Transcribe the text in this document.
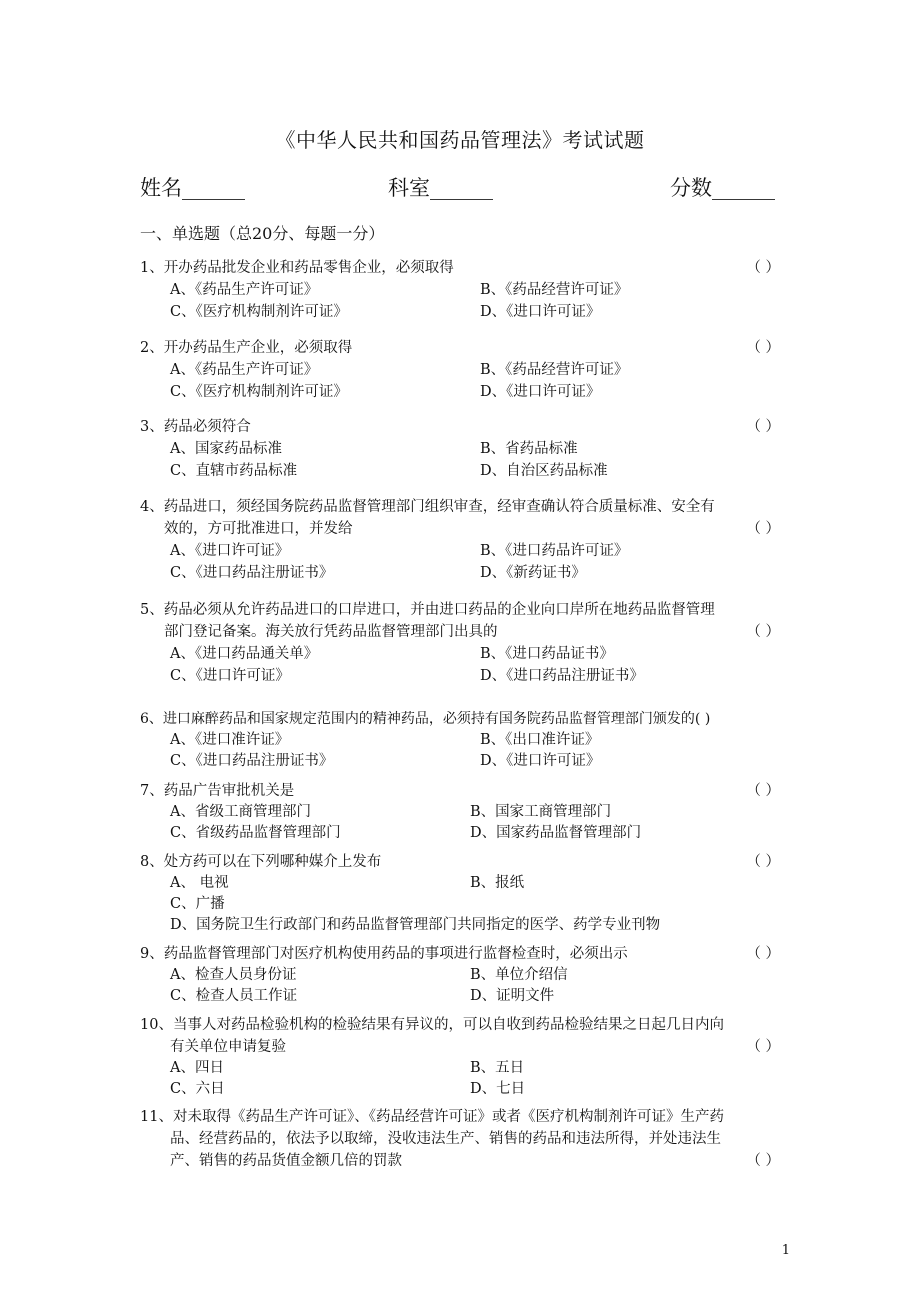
《中华人民共和国药品管理法》考试试题
姓名______	科室______	分数______
一、单选题（总20分、每题一分）
1、开办药品批发企业和药品零售企业，必须取得	（ ）
A、《药品生产许可证》	B、《药品经营许可证》
C、《医疗机构制剂许可证》	D、《进口许可证》
2、开办药品生产企业，必须取得	（ ）
A、《药品生产许可证》	B、《药品经营许可证》
C、《医疗机构制剂许可证》	D、《进口许可证》
3、药品必须符合	（ ）
A、国家药品标准	B、省药品标准
C、直辖市药品标准	D、自治区药品标准
4、药品进口，须经国务院药品监督管理部门组织审查，经审查确认符合质量标准、安全有
效的，方可批准进口，并发给	（ ）
A、《进口许可证》	B、《进口药品许可证》
C、《进口药品注册证书》	D、《新药证书》
5、药品必须从允许药品进口的口岸进口，并由进口药品的企业向口岸所在地药品监督管理
部门登记备案。海关放行凭药品监督管理部门出具的	（ ）
A、《进口药品通关单》	B、《进口药品证书》
C、《进口许可证》	D、《进口药品注册证书》
6、进口麻醉药品和国家规定范围内的精神药品，必须持有国务院药品监督管理部门颁发的( )
A、《进口准许证》	B、《出口准许证》
C、《进口药品注册证书》	D、《进口许可证》
7、药品广告审批机关是	（ ）
A、省级工商管理部门	B、国家工商管理部门
C、省级药品监督管理部门	D、国家药品监督管理部门
8、处方药可以在下列哪种媒介上发布	（ ）
A、 电视	B、报纸
C、广播
D、国务院卫生行政部门和药品监督管理部门共同指定的医学、药学专业刊物
9、药品监督管理部门对医疗机构使用药品的事项进行监督检查时，必须出示	（ ）
A、检查人员身份证	B、单位介绍信
C、检查人员工作证	D、证明文件
10、当事人对药品检验机构的检验结果有异议的，可以自收到药品检验结果之日起几日内向
有关单位申请复验	（ ）
A、四日	B、五日
C、六日	D、七日
11、对未取得《药品生产许可证》、《药品经营许可证》或者《医疗机构制剂许可证》生产药
品、经营药品的，依法予以取缔，没收违法生产、销售的药品和违法所得，并处违法生
产、销售的药品货值金额几倍的罚款	（ ）
1
